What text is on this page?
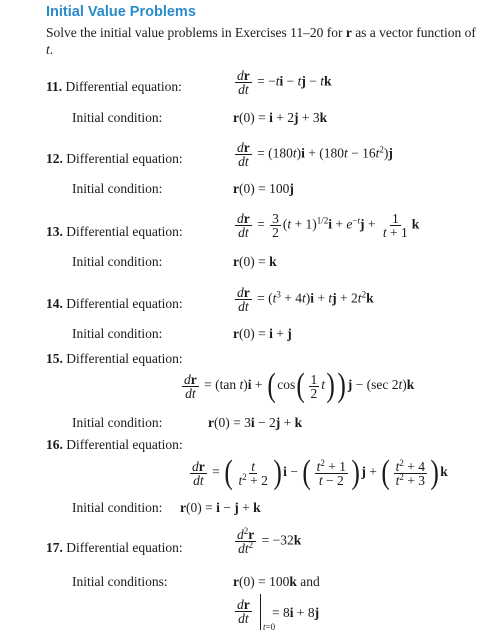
Initial Value Problems
Solve the initial value problems in Exercises 11–20 for r as a vector function of t.
11. Differential equation:	$\frac{dr}{dt} = -ti$ − tj − tk
Initial condition:	r(0) = i + 2j + 3k
12. Differential equation:	$\frac{dr}{dt} = (180t)i + (180t - 16t^2)j$
Initial condition:	r(0) = 100j
13. Differential equation:	$\frac{dr}{dt} = \frac{3}{2} (t + 1)^{1/2}i + e^{-t}j + \frac{1}{t + 1}$ k
Initial condition:	r(0) = k
14. Differential equation:	$\frac{dr}{dt} = (t^3 + 4t)i$ + tj + $2t^2k$
Initial condition:	r(0) = i + j
15. Differential equation:
$\frac{dr}{dt} = (\tan$ $t)i + (\cos( \frac{1}{2} t))j - (\sec$ 2t)k
Initial condition:	r(0) = 3i − 2j + k
16. Differential equation:
$\frac{dr}{dt}$ = ( $\frac{t}{t^2 + 2} )i$ − ( $\frac{t^2 + 1}{t - 2} )j$ + ( $\frac{t^2 + 4}{t^2 + 3} )k$
Initial condition: r(0) = i − j + k
17. Differential equation:	$\frac{d^2r}{dt^2} = -32k$
Initial conditions:	r(0) = 100k and
$\frac{dr}{dt}$
t=0
= 8i + 8j
